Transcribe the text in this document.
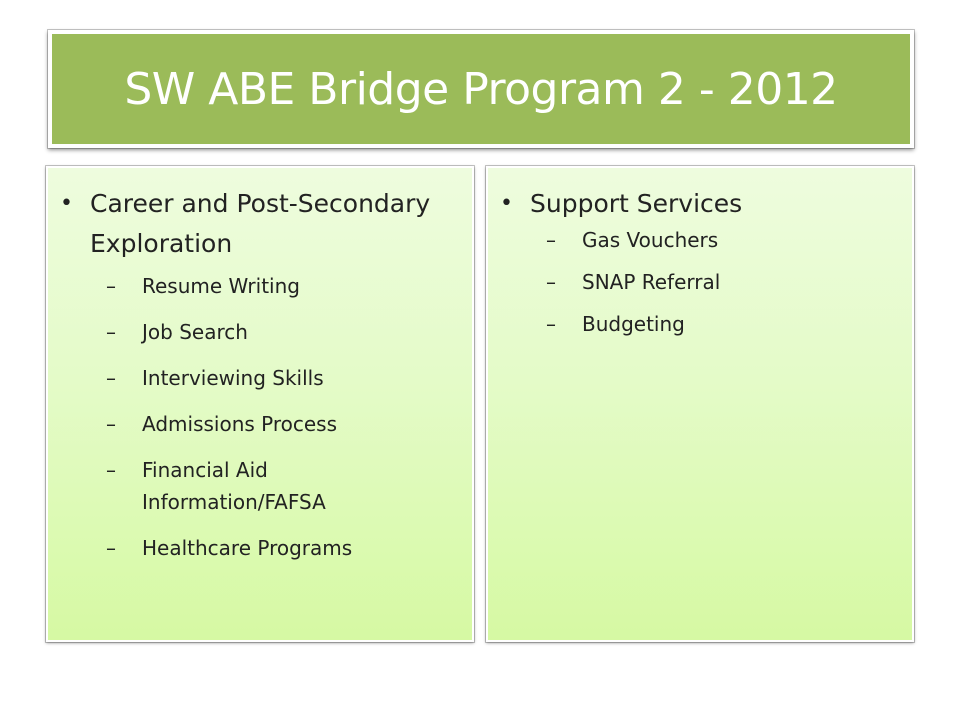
SW ABE Bridge Program 2 - 2012
• Career and Post-Secondary Exploration
–	Resume Writing
–	Job Search
–	Interviewing Skills
–	Admissions Process
–	Financial Aid Information/FAFSA
–	Healthcare Programs
• Support Services
–	Gas Vouchers
–	SNAP Referral
–	Budgeting
